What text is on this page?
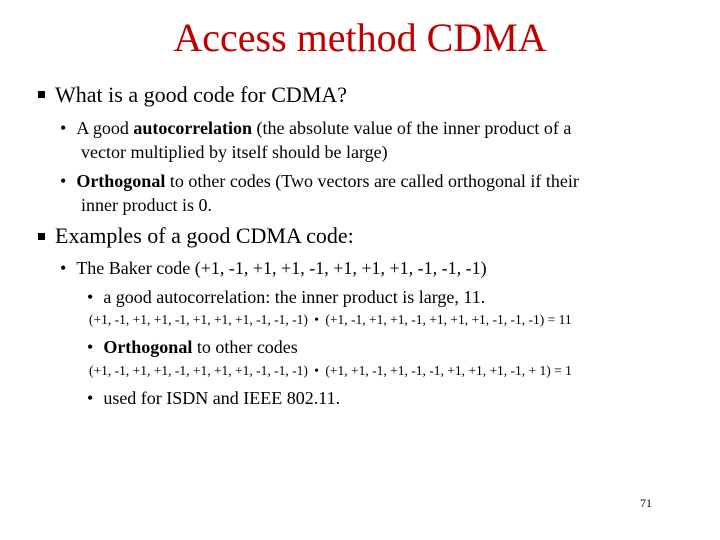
Access method CDMA
What is a good code for CDMA?
• A good autocorrelation (the absolute value of the inner product of a
vector multiplied by itself should be large)
• Orthogonal to other codes (Two vectors are called orthogonal if their
inner product is 0.
Examples of a good CDMA code:
• The Baker code (+1, -1, +1, +1, -1, +1, +1, +1, -1, -1, -1)
• a good autocorrelation: the inner product is large, 11.
(+1, -1, +1, +1, -1, +1, +1, +1, -1, -1, -1) • (+1, -1, +1, +1, -1, +1, +1, +1, -1, -1, -1) = 11
• Orthogonal to other codes
(+1, -1, +1, +1, -1, +1, +1, +1, -1, -1, -1) • (+1, +1, -1, +1, -1, -1, +1, +1, +1, -1, + 1) = 1
• used for ISDN and IEEE 802.11.
71
